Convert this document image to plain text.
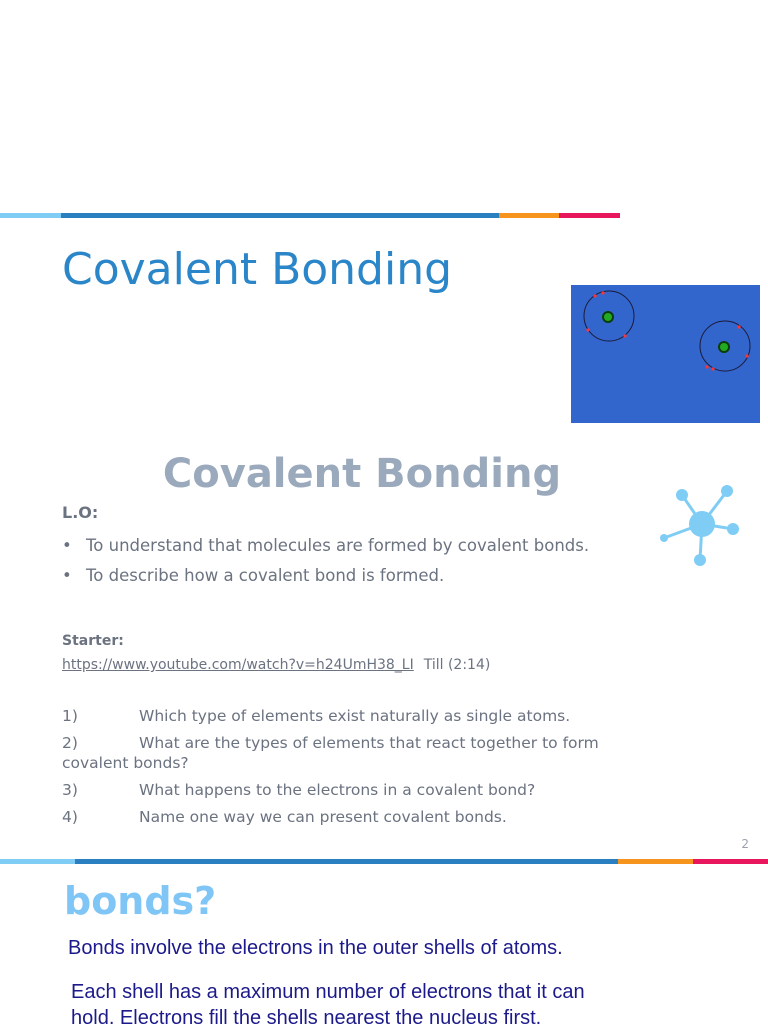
Covalent Bonding
Covalent Bonding
L.O:
• To understand that molecules are formed by covalent bonds.
• To describe how a covalent bond is formed.
Starter:
https://www.youtube.com/watch?v=h24UmH38_LI Till (2:14)
1)	Which type of elements exist naturally as single atoms.
2)	What are the types of elements that react together to form covalent bonds?
3)	What happens to the electrons in a covalent bond?
4)	Name one way we can present covalent bonds.
2
bonds?
Bonds involve the electrons in the outer shells of atoms.
Each shell has a maximum number of electrons that it can
hold. Electrons fill the shells nearest the nucleus first.
